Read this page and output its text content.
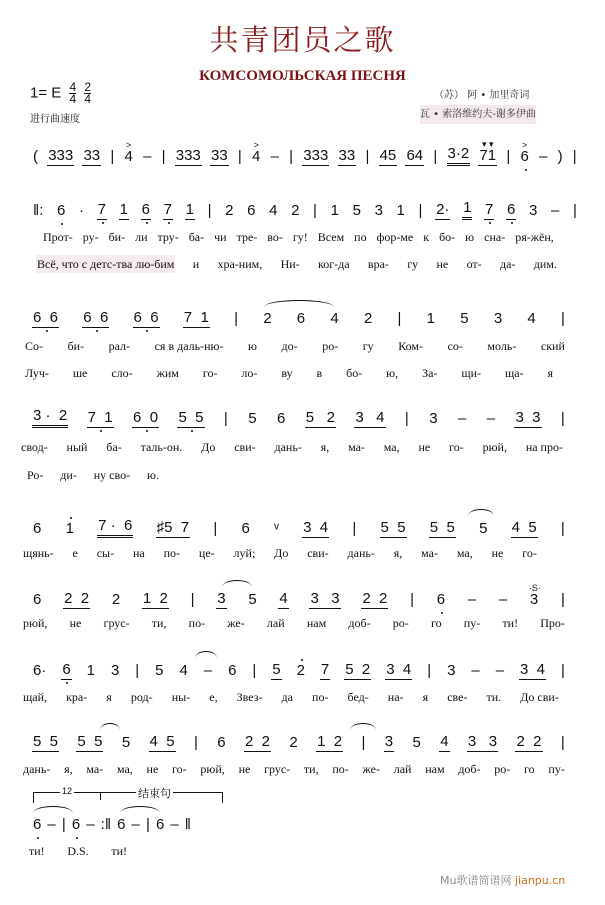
共青团员之歌
КОМСОМОЛЬСКАЯ ПЕСНЯ
1= E $\frac{4}{4}$
$\frac{2}{4}$
进行曲速度
（苏） 阿 • 加里奇词
瓦 • 索洛维约夫-谢多伊曲
( 333 33 | 4
>
– | 333 33 | 4
>
– | 333 33 | 45 64 | 3·2 71
▾ ▾
| 6
>
– ) |
‖: 6 · 7 1 6 7 1 | 2 6 4 2 | 1 5 3 1 | 2· 1 7 6 3 – |
Прот- ру- би- ли тру- ба- чи тре- во- гу! Всем по фор-ме к бо- ю сна- ря-жён,
Всё, что с детс-тва лю-бим и хра-ним, Ни- ког-да вра- гу не от- да- дим.
6  6 6  6 6  6 7  1 | 2 6 4 2 | 1 5 3 4 |
Со- би- рал- ся в даль-ню- ю до- ро- гу Ком- со- моль- ский
Луч- ше сло- жим го- ло- ву в бо- ю, За- щи- ща- я
3 ·  2 7  1 6  0 5  5 | 5 6 5   2 3   4 | 3 – – 3  3 |
свод- ный ба- таль-он. До сви- дань- я, ма- ма, не го- рюй, на про-
Ро- ди- ну сво- ю.
6 1 7 ·  6 ♯5  7 | 6 ᵛ 3  4 | 5  5 5  5 5 4  5 |
щянь- е сы- на по- це- луй; До сви- дань- я, ма- ма, не го-
6 2  2 2 1  2 | 3 5 4 3   3 2  2 | 6 – – 3
·S·
|
рюй, не грус- ти, по- же- лай нам доб- ро- го пу- ти! Про-
6· 6 1 3 | 5 4 – 6 | 5 2 7 5  2 3  4 | 3 – – 3  4 |
щай, кра- я род- ны- е, Звез- да по- бед- на- я све- ти. До сви-
5  5 5  5 5 4  5 | 6 2  2 2 1  2 | 3 5 4 3   3 2  2 |
дань- я, ма- ма, не го- рюй, не грус- ти, по- же- лай нам доб- ро- го пу-
6 – | 6 – :‖ 6 – | 6 – ‖
ти! D.S. ти!
12	结束句
Mu歌谱简谱网 jianpu.cn
